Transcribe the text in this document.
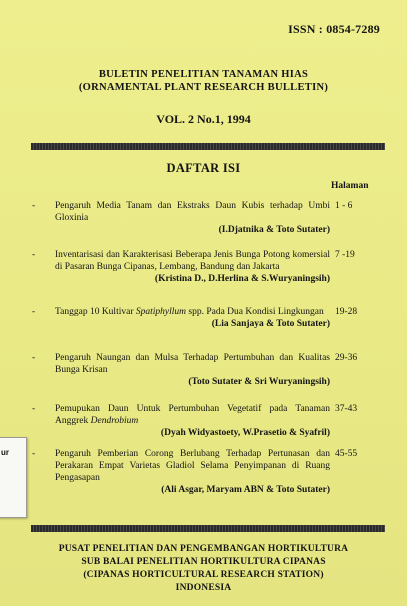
ISSN : 0854-7289
BULETIN PENELITIAN TANAMAN HIAS
(ORNAMENTAL PLANT RESEARCH BULLETIN)
VOL. 2 No.1, 1994
DAFTAR ISI
Halaman
- Pengaruh Media Tanam dan Ekstraks Daun Kubis terhadap Umbi Gloxinia
(I.Djatnika & Toto Sutater)
1 - 6
- Inventarisasi dan Karakterisasi Beberapa Jenis Bunga Potong komersial di Pasaran Bunga Cipanas, Lembang, Bandung dan Jakarta
(Kristina D., D.Herlina & S.Wuryaningsih)
7 -19
- Tanggap 10 Kultivar Spatiphyllum spp. Pada Dua Kondisi Lingkungan
(Lia Sanjaya & Toto Sutater)
19-28
- Pengaruh Naungan dan Mulsa Terhadap Pertumbuhan dan Kualitas Bunga Krisan
(Toto Sutater & Sri Wuryaningsih)
29-36
- Pemupukan Daun Untuk Pertumbuhan Vegetatif pada Tanaman Anggrek Dendrobium
(Dyah Widyastoety, W.Prasetio & Syafril)
37-43
- Pengaruh Pemberian Corong Berlubang Terhadap Pertunasan dan Perakaran Empat Varietas Gladiol Selama Penyimpanan di Ruang Pengasapan
(Ali Asgar, Maryam ABN & Toto Sutater)
45-55
PUSAT PENELITIAN DAN PENGEMBANGAN HORTIKULTURA
SUB BALAI PENELITIAN HORTIKULTURA CIPANAS
(CIPANAS HORTICULTURAL RESEARCH STATION)
INDONESIA
ur
